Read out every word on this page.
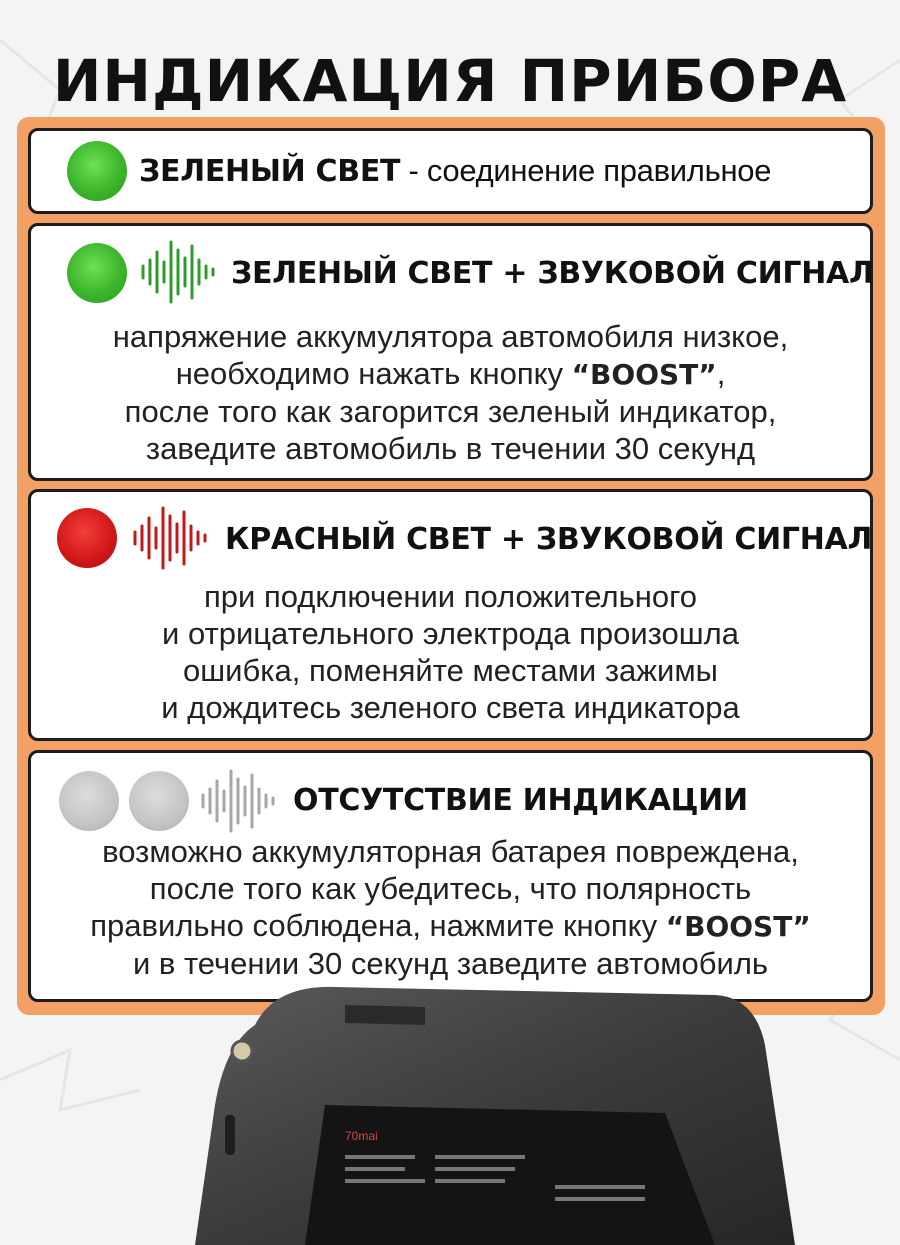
ИНДИКАЦИЯ ПРИБОРА
ЗЕЛЕНЫЙ СВЕТ - соединение правильное
ЗЕЛЕНЫЙ СВЕТ + ЗВУКОВОЙ СИГНАЛ
напряжение аккумулятора автомобиля низкое,
необходимо нажать кнопку “BOOST”,
после того как загорится зеленый индикатор,
заведите автомобиль в течении 30 секунд
КРАСНЫЙ СВЕТ + ЗВУКОВОЙ СИГНАЛ
при подключении положительного
и отрицательного электрода произошла
ошибка, поменяйте местами зажимы
и дождитесь зеленого света индикатора
ОТСУТСТВИЕ ИНДИКАЦИИ
возможно аккумуляторная батарея повреждена,
после того как убедитесь, что полярность
правильно соблюдена, нажмите кнопку “BOOST”
и в течении 30 секунд заведите автомобиль
70mai
